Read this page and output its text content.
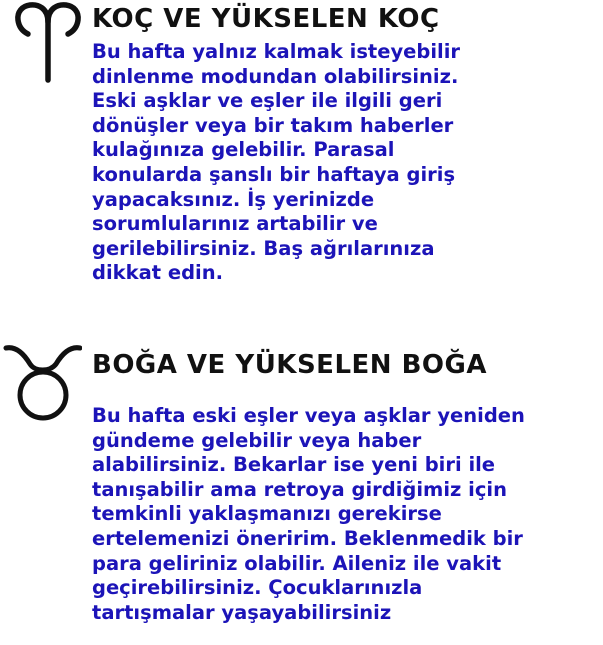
KOÇ VE YÜKSELEN KOÇ
Bu hafta yalnız kalmak isteyebilir
dinlenme modundan olabilirsiniz.
Eski aşklar ve eşler ile ilgili geri
dönüşler veya bir takım haberler
kulağınıza gelebilir. Parasal
konularda şanslı bir haftaya giriş
yapacaksınız. İş yerinizde
sorumlularınız artabilir ve
gerilebilirsiniz. Baş ağrılarınıza
dikkat edin.
BOĞA VE YÜKSELEN BOĞA
Bu hafta eski eşler veya aşklar yeniden
gündeme gelebilir veya haber
alabilirsiniz. Bekarlar ise yeni biri ile
tanışabilir ama retroya girdiğimiz için
temkinli yaklaşmanızı gerekirse
ertelemenizi öneririm. Beklenmedik bir
para geliriniz olabilir. Aileniz ile vakit
geçirebilirsiniz. Çocuklarınızla
tartışmalar yaşayabilirsiniz
